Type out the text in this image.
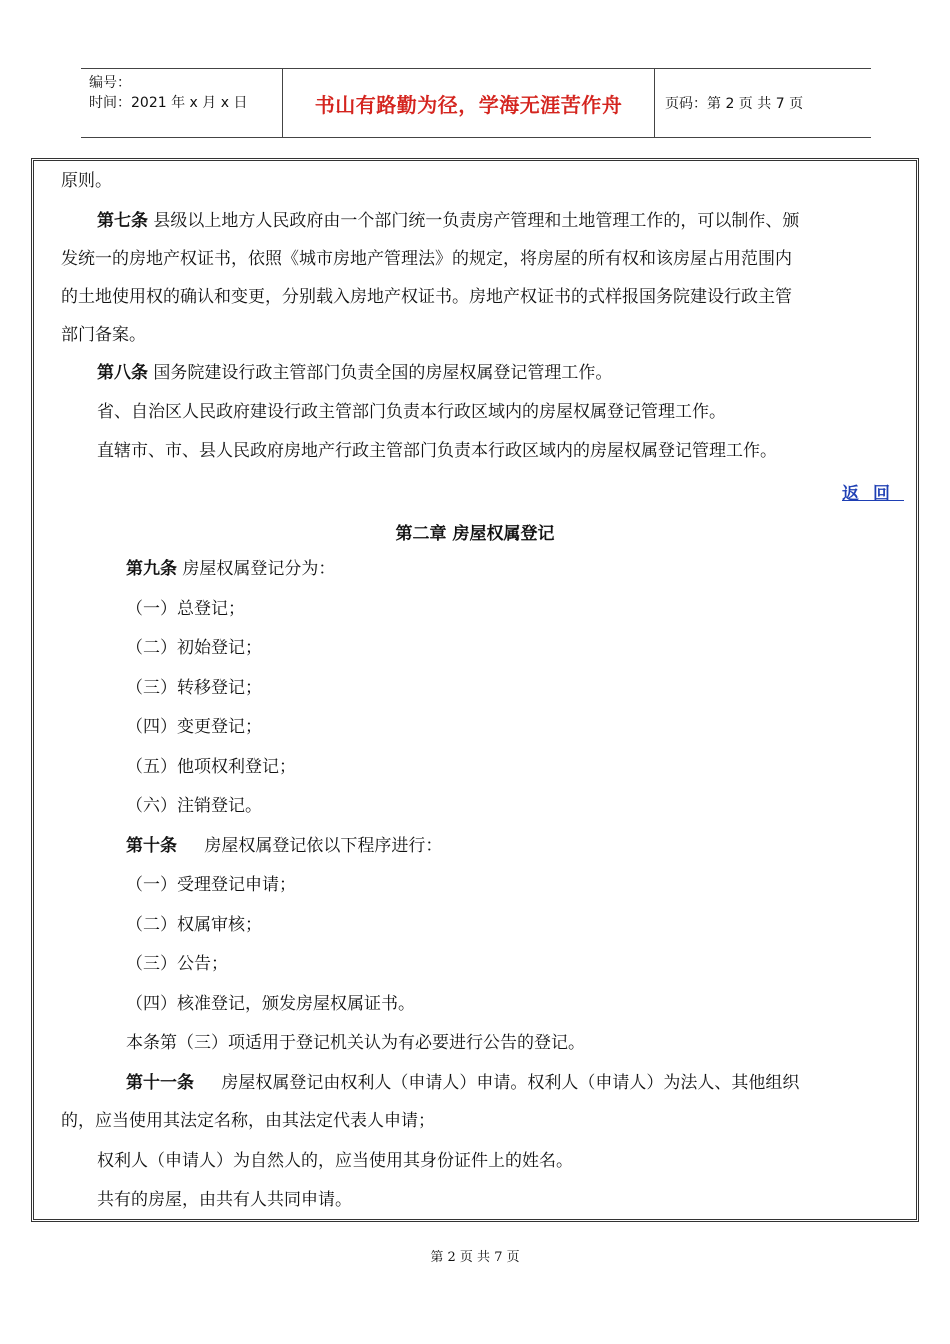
编号：
时间：2021 年 x 月 x 日	书山有路勤为径，学海无涯苦作舟	页码：第 2 页 共 7 页
原则。
第七条 县级以上地方人民政府由一个部门统一负责房产管理和土地管理工作的，可以制作、颁
发统一的房地产权证书，依照《城市房地产管理法》的规定，将房屋的所有权和该房屋占用范围内
的土地使用权的确认和变更，分别载入房地产权证书。房地产权证书的式样报国务院建设行政主管
部门备案。
第八条 国务院建设行政主管部门负责全国的房屋权属登记管理工作。
省、自治区人民政府建设行政主管部门负责本行政区域内的房屋权属登记管理工作。
直辖市、市、县人民政府房地产行政主管部门负责本行政区域内的房屋权属登记管理工作。
返回
第二章 房屋权属登记
第九条 房屋权属登记分为：
（一）总登记；
（二）初始登记；
（三）转移登记；
（四）变更登记；
（五）他项权利登记；
（六）注销登记。
第十条 房屋权属登记依以下程序进行：
（一）受理登记申请；
（二）权属审核；
（三）公告；
（四）核准登记，颁发房屋权属证书。
本条第（三）项适用于登记机关认为有必要进行公告的登记。
第十一条 房屋权属登记由权利人（申请人）申请。权利人（申请人）为法人、其他组织
的，应当使用其法定名称，由其法定代表人申请；
权利人（申请人）为自然人的，应当使用其身份证件上的姓名。
共有的房屋，由共有人共同申请。
第 2 页 共 7 页
